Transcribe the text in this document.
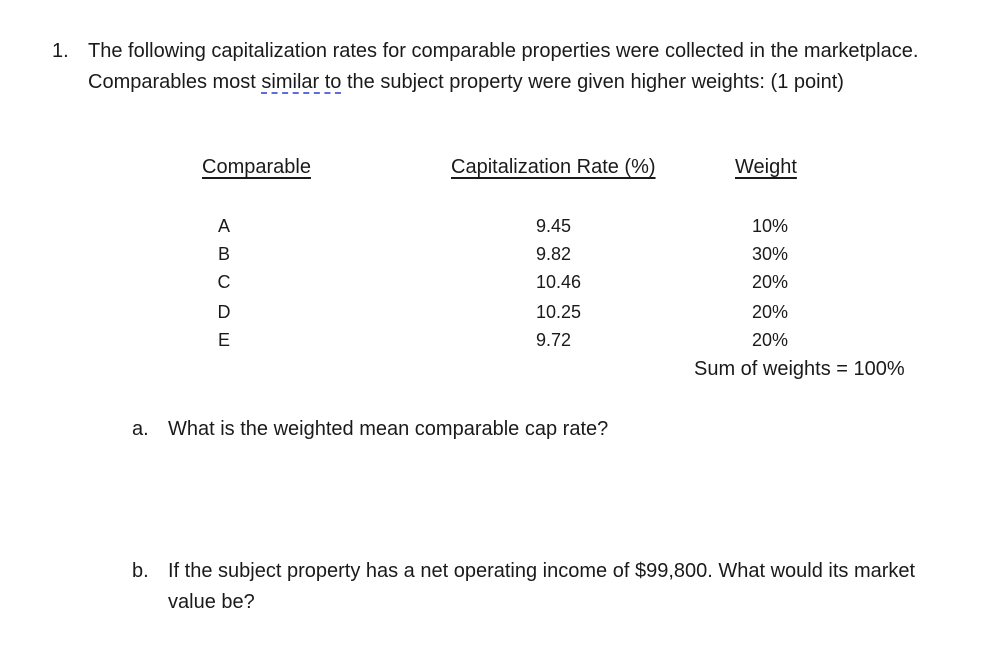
1. The following capitalization rates for comparable properties were collected in the marketplace. Comparables most similar to the subject property were given higher weights: (1 point)
Comparable	Capitalization Rate (%)	Weight
A	9.45	10%
B	9.82	30%
C	10.46	20%
D	10.25	20%
E	9.72	20%
Sum of weights = 100%
a. What is the weighted mean comparable cap rate?
b. If the subject property has a net operating income of $99,800. What would its market value be?
